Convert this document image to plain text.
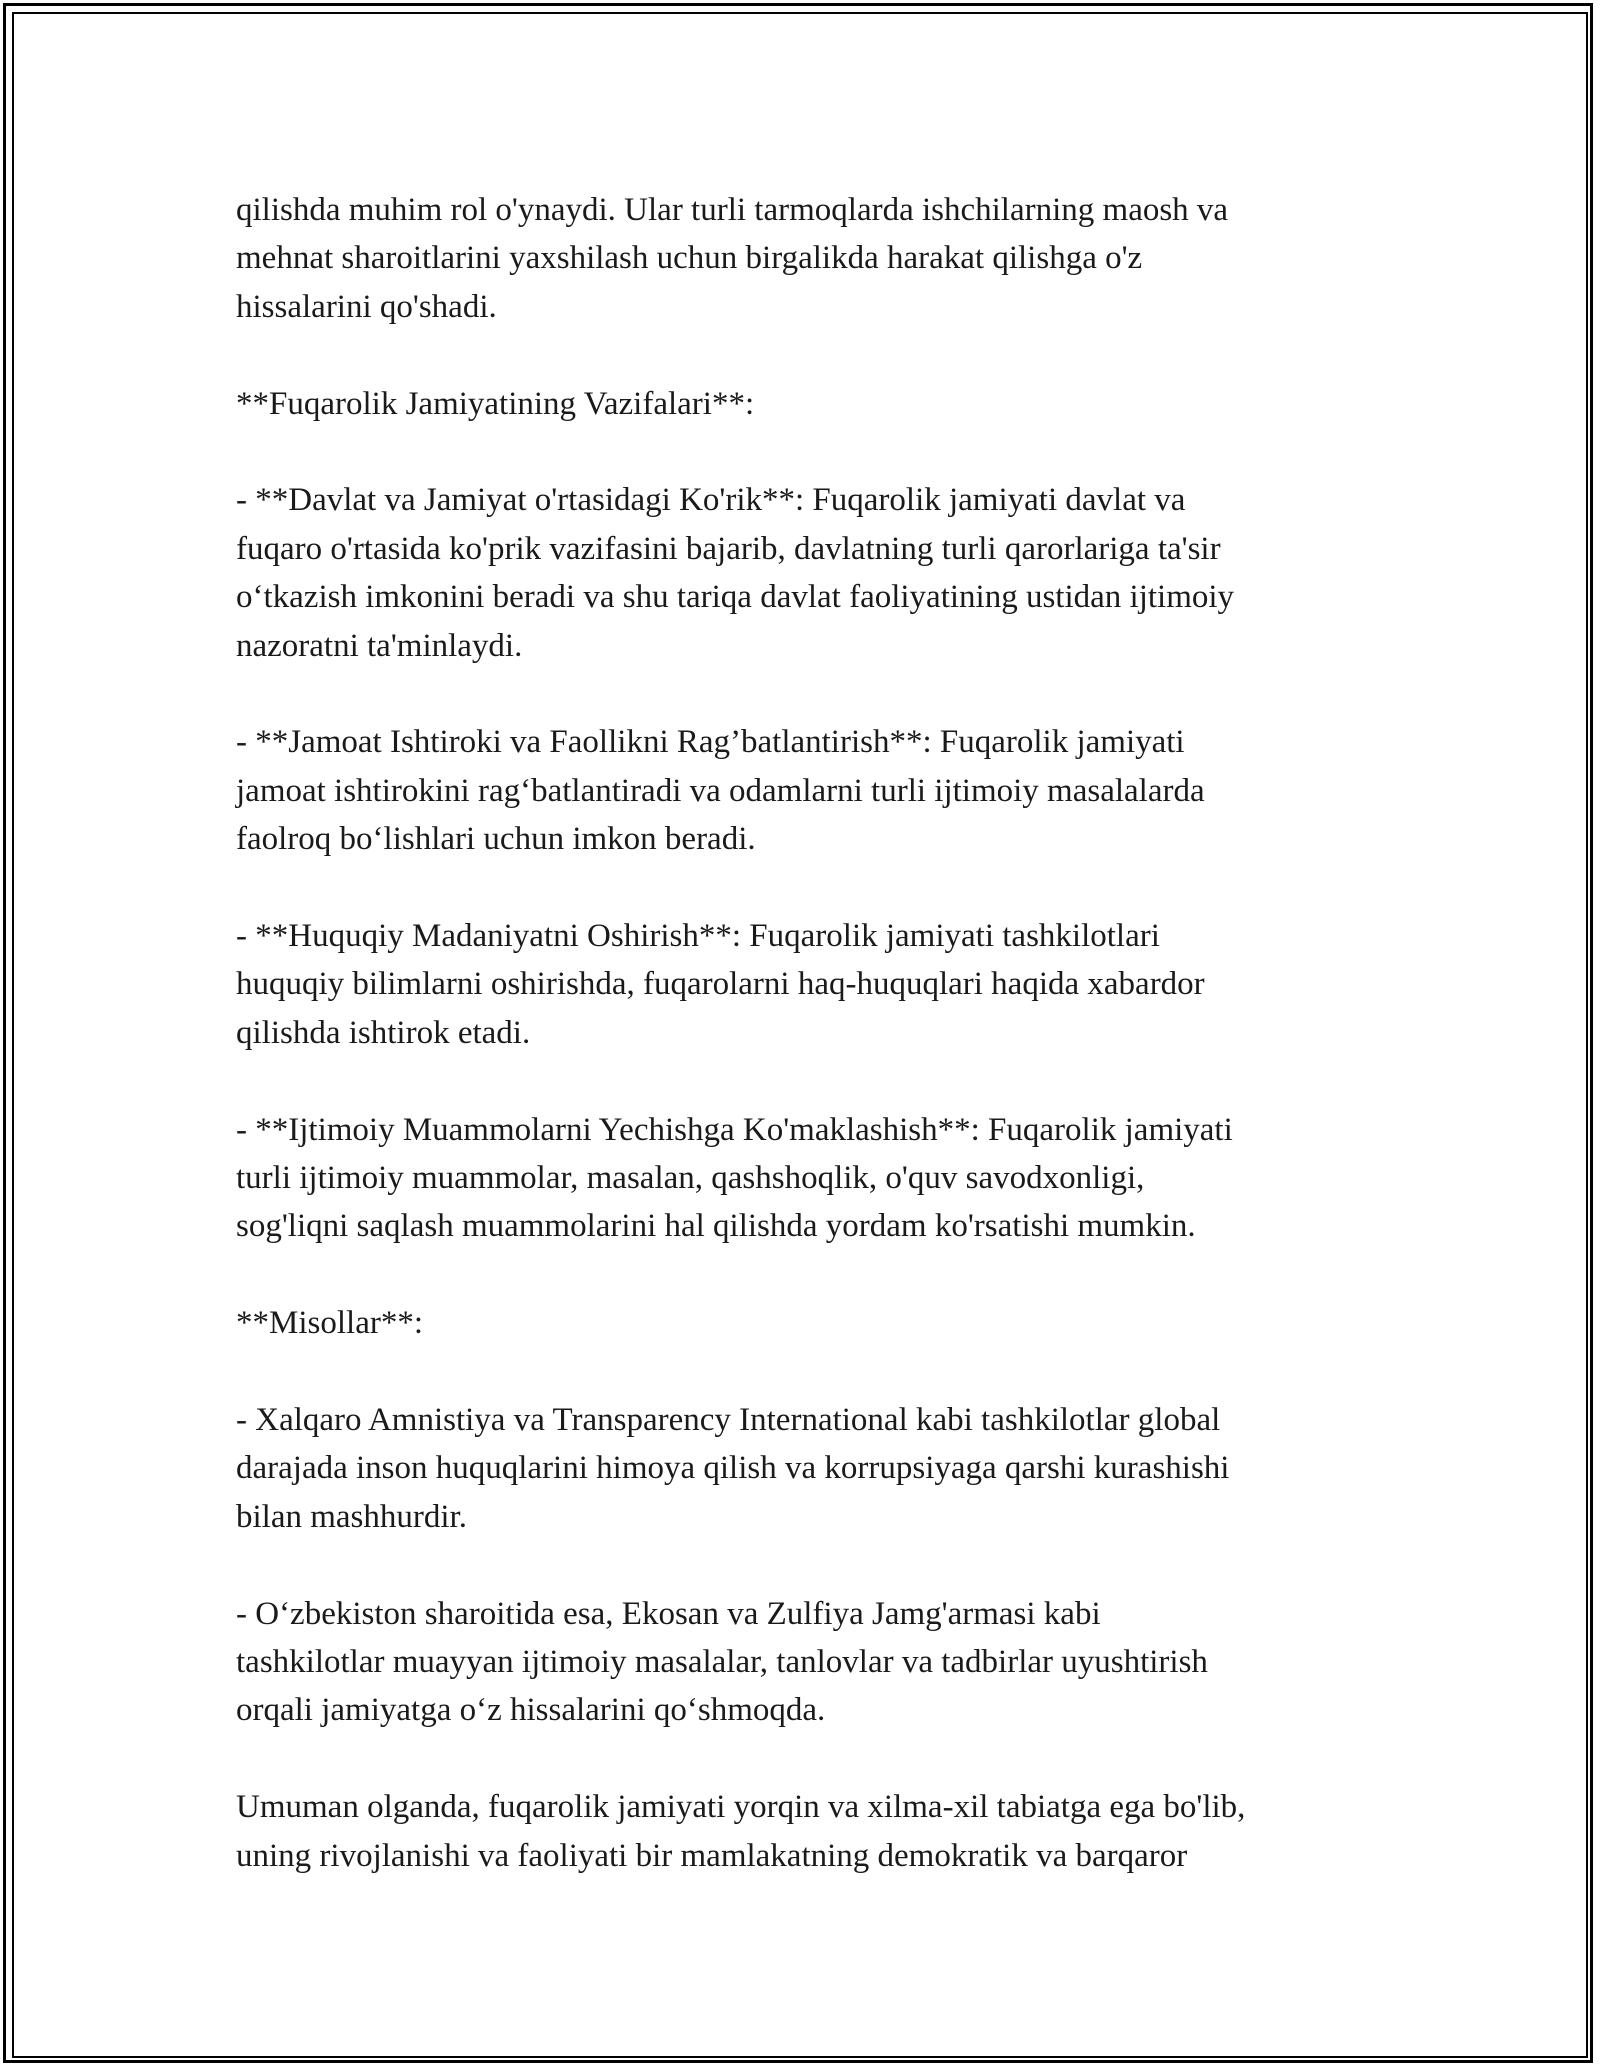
qilishda muhim rol o'ynaydi. Ular turli tarmoqlarda ishchilarning maosh va
mehnat sharoitlarini yaxshilash uchun birgalikda harakat qilishga o'z
hissalarini qo'shadi.

**Fuqarolik Jamiyatining Vazifalari**:

- **Davlat va Jamiyat o'rtasidagi Ko'rik**: Fuqarolik jamiyati davlat va
fuqaro o'rtasida ko'prik vazifasini bajarib, davlatning turli qarorlariga ta'sir
o‘tkazish imkonini beradi va shu tariqa davlat faoliyatining ustidan ijtimoiy
nazoratni ta'minlaydi.

- **Jamoat Ishtiroki va Faollikni Rag’batlantirish**: Fuqarolik jamiyati
jamoat ishtirokini rag‘batlantiradi va odamlarni turli ijtimoiy masalalarda
faolroq bo‘lishlari uchun imkon beradi.

- **Huquqiy Madaniyatni Oshirish**: Fuqarolik jamiyati tashkilotlari
huquqiy bilimlarni oshirishda, fuqarolarni haq-huquqlari haqida xabardor
qilishda ishtirok etadi.

- **Ijtimoiy Muammolarni Yechishga Ko'maklashish**: Fuqarolik jamiyati
turli ijtimoiy muammolar, masalan, qashshoqlik, o'quv savodxonligi,
sog'liqni saqlash muammolarini hal qilishda yordam ko'rsatishi mumkin.

**Misollar**:

- Xalqaro Amnistiya va Transparency International kabi tashkilotlar global
darajada inson huquqlarini himoya qilish va korrupsiyaga qarshi kurashishi
bilan mashhurdir.

- O‘zbekiston sharoitida esa, Ekosan va Zulfiya Jamg'armasi kabi
tashkilotlar muayyan ijtimoiy masalalar, tanlovlar va tadbirlar uyushtirish
orqali jamiyatga o‘z hissalarini qo‘shmoqda.

Umuman olganda, fuqarolik jamiyati yorqin va xilma-xil tabiatga ega bo'lib,
uning rivojlanishi va faoliyati bir mamlakatning demokratik va barqaror
